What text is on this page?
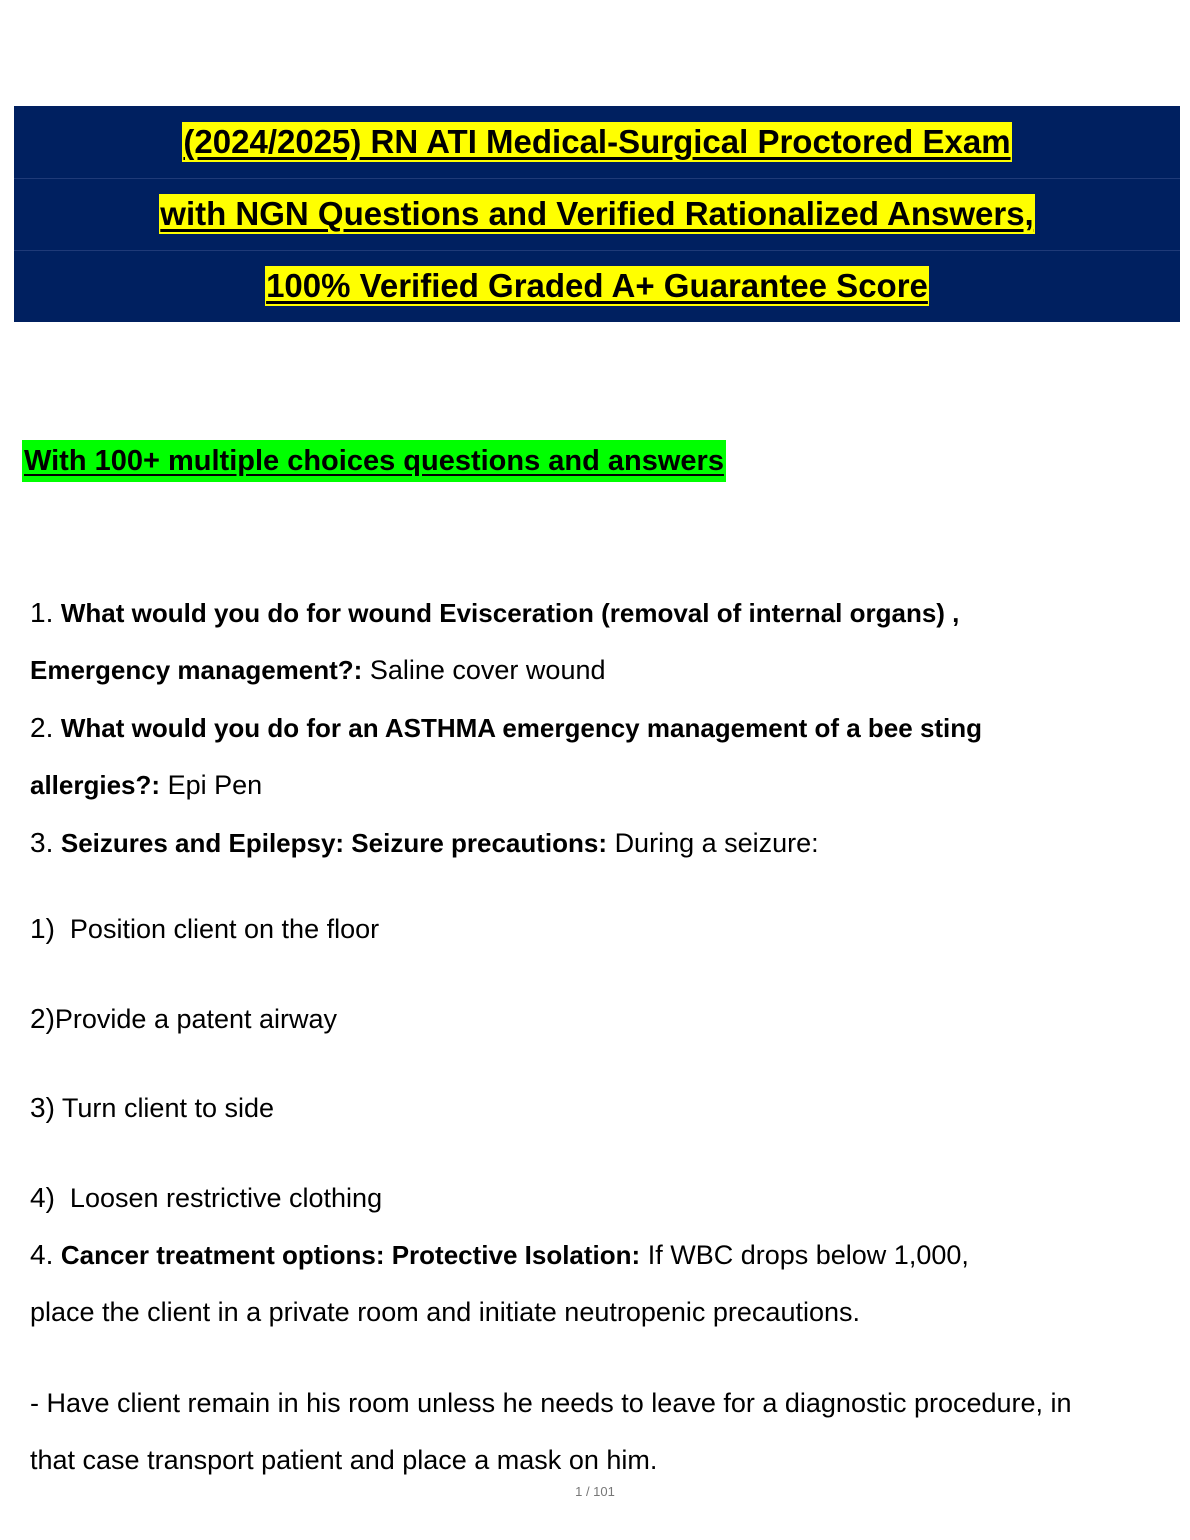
(2024/2025) RN ATI Medical-Surgical Proctored Exam
with NGN Questions and Verified Rationalized Answers,
100% Verified Graded A+ Guarantee Score
With 100+ multiple choices questions and answers
1. What would you do for wound Evisceration (removal of internal organs) ,
Emergency management?: Saline cover wound
2. What would you do for an ASTHMA emergency management of a bee sting
allergies?: Epi Pen
3. Seizures and Epilepsy: Seizure precautions: During a seizure:
1) Position client on the floor
2)Provide a patent airway
3) Turn client to side
4) Loosen restrictive clothing
4. Cancer treatment options: Protective Isolation: If WBC drops below 1,000,
place the client in a private room and initiate neutropenic precautions.
- Have client remain in his room unless he needs to leave for a diagnostic procedure, in
that case transport patient and place a mask on him.
1 / 101
